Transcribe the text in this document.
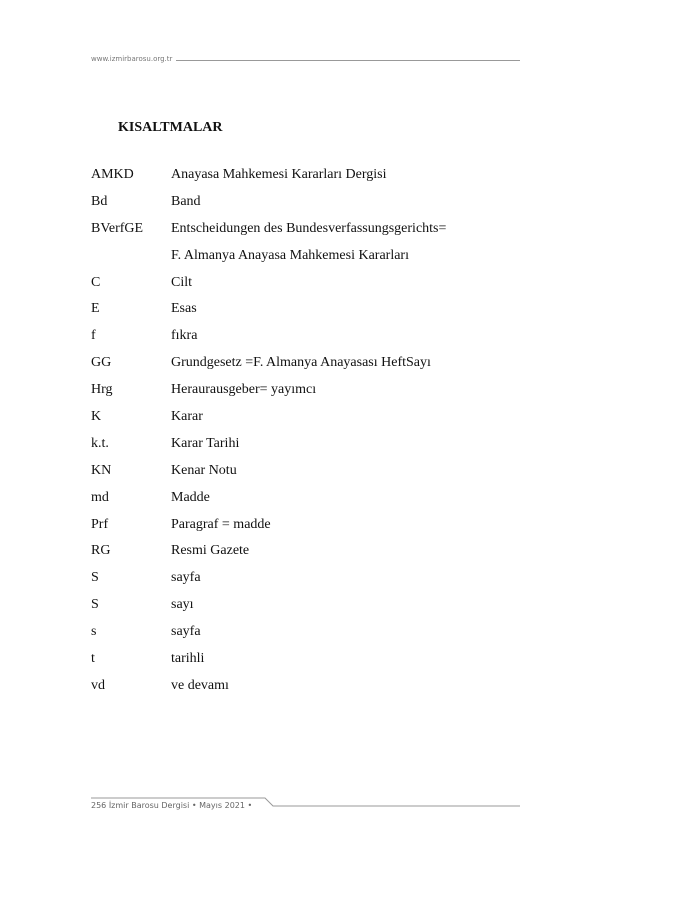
www.izmirbarosu.org.tr
KISALTMALAR
AMKD	Anayasa Mahkemesi Kararları Dergisi
Bd	Band
BVerfGE	Entscheidungen des Bundesverfassungsgerichts=
F. Almanya Anayasa Mahkemesi Kararları
C	Cilt
E	Esas
f	fıkra
GG	Grundgesetz =F. Almanya Anayasası HeftSayı
Hrg	Heraurausgeber= yayımcı
K	Karar
k.t.	Karar Tarihi
KN	Kenar Notu
md	Madde
Prf	Paragraf = madde
RG	Resmi Gazete
S	sayfa
S	sayı
s	sayfa
t	tarihli
vd	ve devamı
256 İzmir Barosu Dergisi • Mayıs 2021 •
